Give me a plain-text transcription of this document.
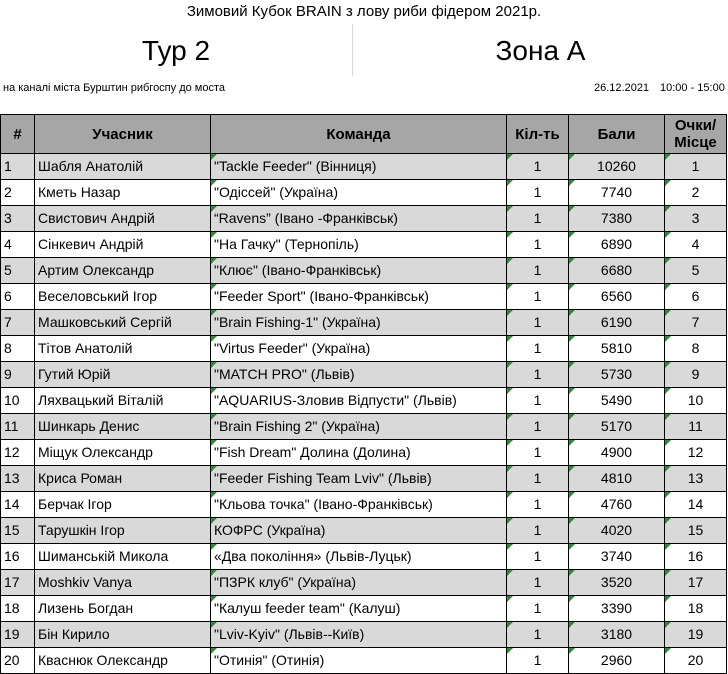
Зимовий Кубок BRAIN з лову риби фідером 2021р.
Тур 2	Зона А
на каналі міста Бурштин рибгоспу до моста	26.12.2021 10:00 - 15:00
#	Учасник	Команда	Кіл-ть	Бали	Очки/
Місце
1	Шабля Анатолій	"Tackle Feeder" (Вінниця)	1	10260	1
2	Кметь Назар	"Одіссей" (Україна)	1	7740	2
3	Свистович Андрій	“Ravens” (Івано -Франківськ)	1	7380	3
4	Сінкевич Андрій	"На Гачку" (Тернопіль)	1	6890	4
5	Артим Олександр	"Клює" (Івано-Франківськ)	1	6680	5
6	Веселовський Ігор	"Feeder Sport" (Івано-Франківськ)	1	6560	6
7	Машковський Сергій	"Brain Fishing-1" (Україна)	1	6190	7
8	Тітов Анатолій	"Virtus Feeder" (Україна)	1	5810	8
9	Гутий Юрій	"MATCH PRO" (Львів)	1	5730	9
10	Ляхвацький Віталій	"AQUARIUS-Зловив Відпусти" (Львів)	1	5490	10
11	Шинкарь Денис	"Brain Fishing 2" (Україна)	1	5170	11
12	Міщук Олександр	"Fish Dream" Долина (Долина)	1	4900	12
13	Криса Роман	"Feeder Fishing Team Lviv" (Львів)	1	4810	13
14	Берчак Ігор	"Кльова точка" (Івано-Франківськ)	1	4760	14
15	Тарушкін Ігор	КОФРС (Україна)	1	4020	15
16	Шиманській Микола	«Два покоління» (Львів-Луцьк)	1	3740	16
17	Moshkiv Vanya	"ПЗРК клуб" (Україна)	1	3520	17
18	Лизень Богдан	"Калуш feeder team" (Калуш)	1	3390	18
19	Бін Кирило	"Lviv-Kyiv" (Львів--Київ)	1	3180	19
20	Кваснюк Олександр	"Отинія" (Отинія)	1	2960	20
